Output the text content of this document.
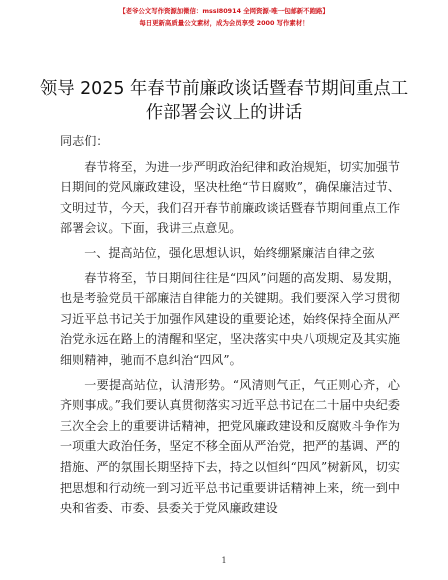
【老爷公文写作资源加微信：mssl80914 全网资源·唯一包邮新不跑路】
每日更新高质量公文素材，成为会员享受 2000 写作素材！
领导 2025 年春节前廉政谈话暨春节期间重点工作部署会议上的讲话

同志们：

春节将至，为进一步严明政治纪律和政治规矩，切实加强节日期间的党风廉政建设，坚决杜绝“节日腐败”，确保廉洁过节、文明过节，今天，我们召开春节前廉政谈话暨春节期间重点工作部署会议。下面，我讲三点意见。

一、提高站位，强化思想认识，始终绷紧廉洁自律之弦

春节将至，节日期间往往是“四风”问题的高发期、易发期，也是考验党员干部廉洁自律能力的关键期。我们要深入学习贯彻习近平总书记关于加强作风建设的重要论述，始终保持全面从严治党永远在路上的清醒和坚定，坚决落实中央八项规定及其实施细则精神，驰而不息纠治“四风”。

一要提高站位，认清形势。“风清则气正，气正则心齐，心齐则事成。”我们要认真贯彻落实习近平总书记在二十届中央纪委三次全会上的重要讲话精神，把党风廉政建设和反腐败斗争作为一项重大政治任务，坚定不移全面从严治党，把严的基调、严的措施、严的氛围长期坚持下去，持之以恒纠“四风”树新风，切实把思想和行动统一到习近平总书记重要讲话精神上来，统一到中央和省委、市委、县委关于党风廉政建设

1
